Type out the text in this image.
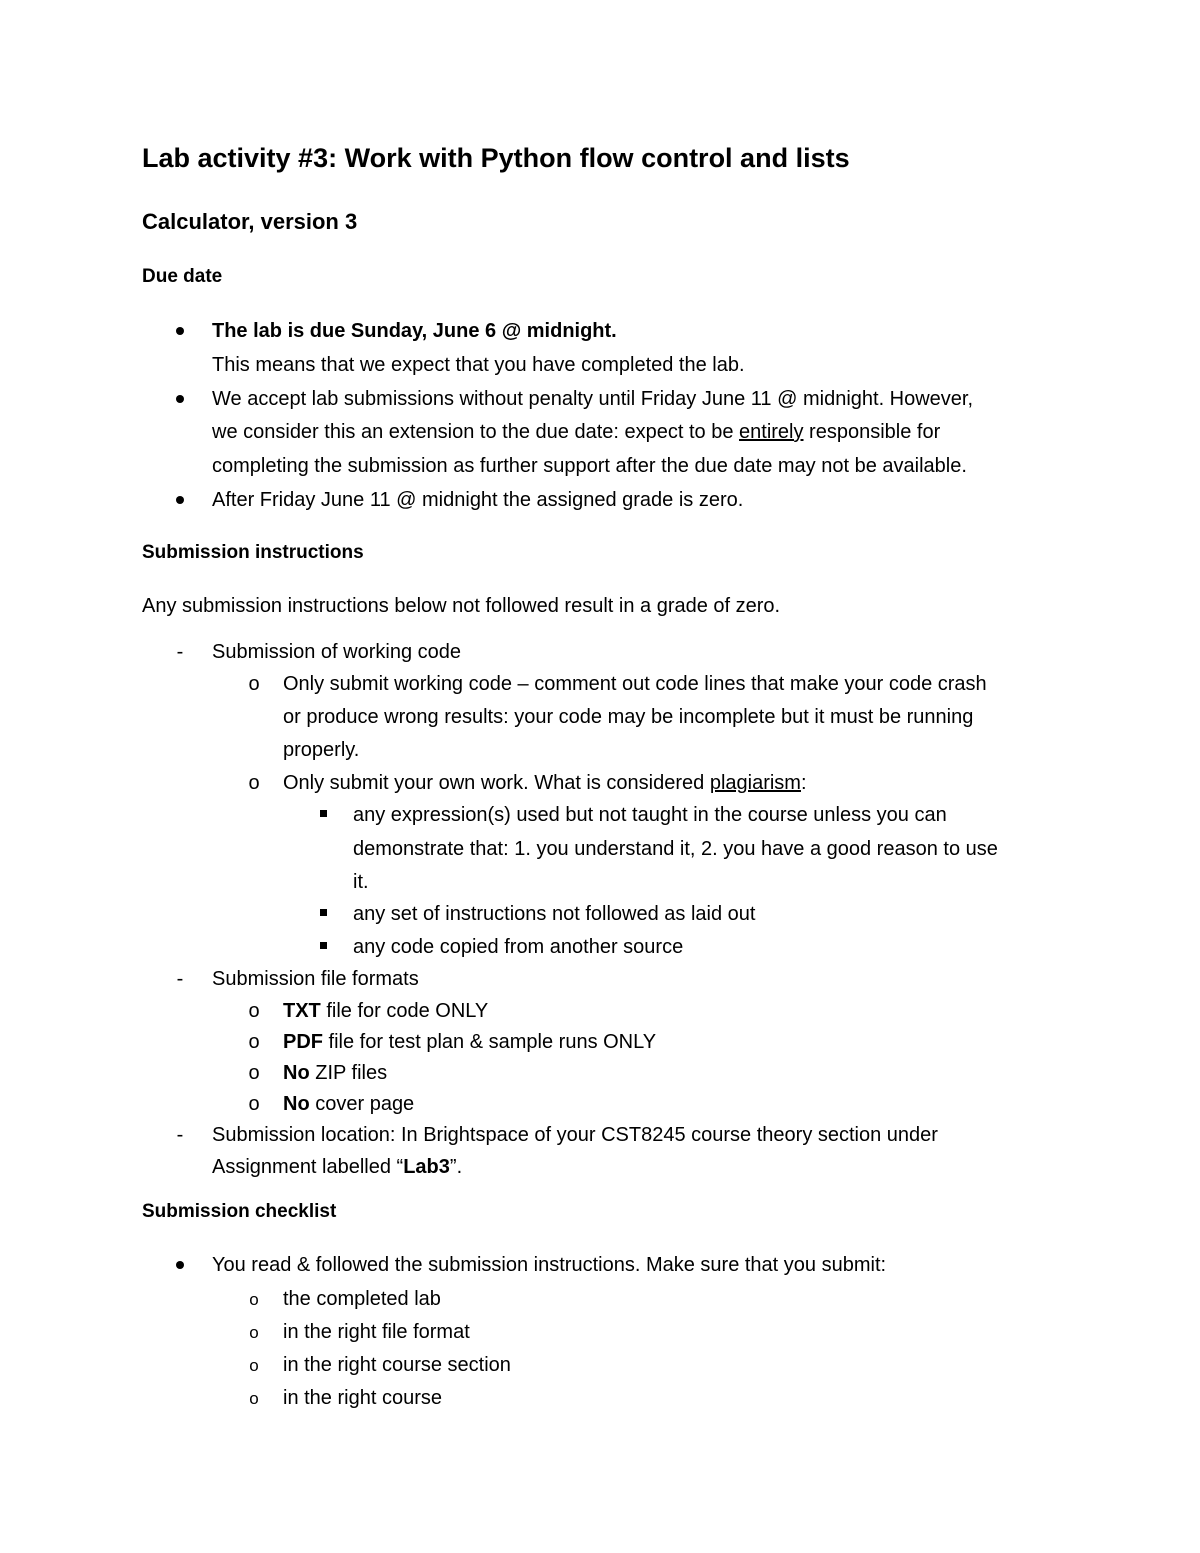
Lab activity #3: Work with Python flow control and lists
Calculator, version 3
Due date
The lab is due Sunday, June 6 @ midnight.
This means that we expect that you have completed the lab.
We accept lab submissions without penalty until Friday June 11 @ midnight. However,
we consider this an extension to the due date: expect to be entirely responsible for
completing the submission as further support after the due date may not be available.
After Friday June 11 @ midnight the assigned grade is zero.
Submission instructions
Any submission instructions below not followed result in a grade of zero.
-	Submission of working code
o Only submit working code – comment out code lines that make your code crash
or produce wrong results: your code may be incomplete but it must be running
properly.
o Only submit your own work. What is considered plagiarism:
any expression(s) used but not taught in the course unless you can
demonstrate that: 1. you understand it, 2. you have a good reason to use
it.
any set of instructions not followed as laid out
any code copied from another source
-	Submission file formats
o TXT file for code ONLY
o PDF file for test plan & sample runs ONLY
o No ZIP files
o No cover page
-	Submission location: In Brightspace of your CST8245 course theory section under
Assignment labelled “Lab3”.
Submission checklist
You read & followed the submission instructions. Make sure that you submit:
o the completed lab
o in the right file format
o in the right course section
o in the right course
